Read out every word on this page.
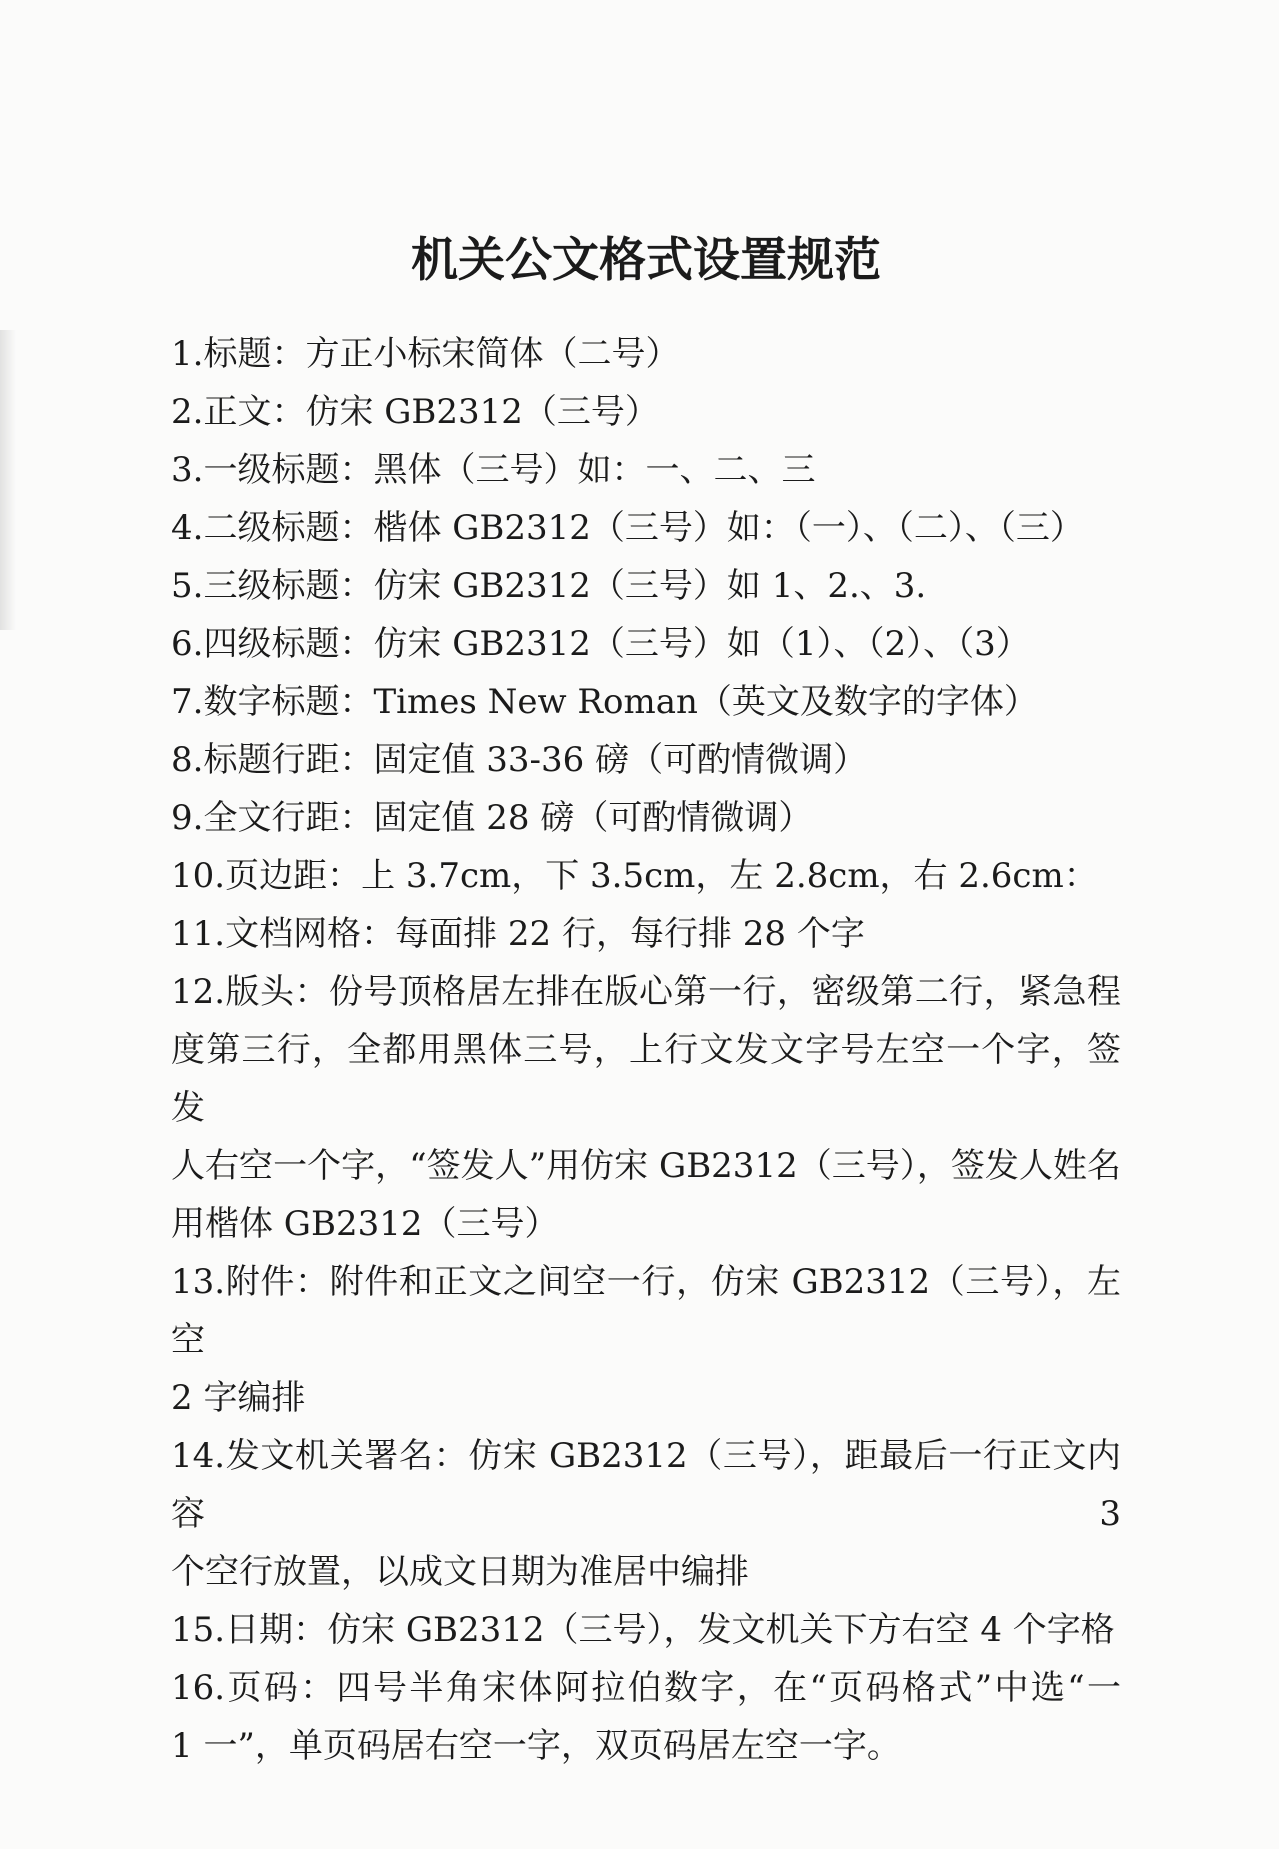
机关公文格式设置规范
1.标题：方正小标宋简体（二号）
2.正文：仿宋 GB2312（三号）
3.一级标题：黑体（三号）如：一、二、三
4.二级标题：楷体 GB2312（三号）如：（一）、（二）、（三）
5.三级标题：仿宋 GB2312（三号）如 1、2.、3.
6.四级标题：仿宋 GB2312（三号）如（1）、（2）、（3）
7.数字标题：Times New Roman（英文及数字的字体）
8.标题行距：固定值 33-36 磅（可酌情微调）
9.全文行距：固定值 28 磅（可酌情微调）
10.页边距：上 3.7cm，下 3.5cm，左 2.8cm，右 2.6cm：
11.文档网格：每面排 22 行，每行排 28 个字
12.版头：份号顶格居左排在版心第一行，密级第二行，紧急程
度第三行，全都用黑体三号，上行文发文字号左空一个字，签发
人右空一个字，“签发人”用仿宋 GB2312（三号），签发人姓名
用楷体 GB2312（三号）
13.附件：附件和正文之间空一行，仿宋 GB2312（三号），左空
2 字编排
14.发文机关署名：仿宋 GB2312（三号），距最后一行正文内容 3
个空行放置，以成文日期为准居中编排
15.日期：仿宋 GB2312（三号），发文机关下方右空 4 个字格
16.页码：四号半角宋体阿拉伯数字，在“页码格式”中选“一
1 一”，单页码居右空一字，双页码居左空一字。
